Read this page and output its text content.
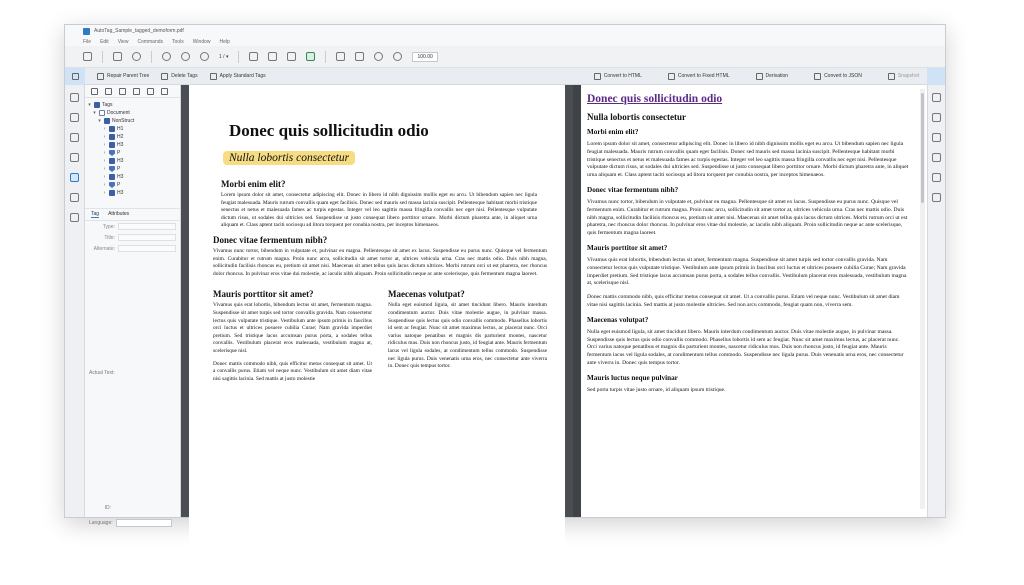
AutoTag_Sample_tagged_demoform.pdf
File Edit View Commands Tools Window Help
1 / ▾	100.00
Repair Parent Tree	Delete Tags	Apply Standard Tags	Convert to HTML	Convert to Fixed HTML	Derivation	Convert to JSON	Snapshot
▾ Tags
▾ Document
▾ NonStruct
›	H1
›	H2
›	H3
›	P
›	H3
›	P
›	H3
›	P
›	H3
Tag Attributes
Type:
Title:
Alternate:
Actual Text:
ID:
Language:
Donec quis sollicitudin odio
Nulla lobortis consectetur
Morbi enim elit?

Lorem ipsum dolor sit amet, consectetur adipiscing elit. Donec in libero id nibh dignissim mollis eget eu arcu. Ut bibendum sapien nec ligula feugiat malesuada. Mauris rutrum convallis quam eget facilisis. Donec sed mauris sed massa lacinia suscipit. Pellentesque habitant morbi tristique senectus et netus et malesuada fames ac turpis egestas. Integer vel leo sagittis massa fringilla convallis nec eget nisi. Pellentesque vulputate dictum risus, ut sodales dui ultricies sed. Suspendisse ut justo consequat libero porttitor ornare. Morbi dictum pharetra ante, in aliquet urna aliquam et. Class aptent taciti sociosqu ad litora torquent per conubia nostra, per inceptos himenaeos.

Donec vitae fermentum nibh?

Vivamus nunc tortor, bibendum in vulputate et, pulvinar eu magna. Pellentesque sit amet ex lacus. Suspendisse eu purus nunc. Quisque vel fermentum enim. Curabitur et rutrum magna. Proin nunc arcu, sollicitudin sit amet tortor at, ultrices vehicula urna. Cras nec mattis odio. Duis nibh magna, sollicitudin facilisis rhoncus eu, pretium sit amet nisi. Maecenas sit amet tellus quis lacus dictum ultrices. Morbi rutrum orci ut est pharetra, nec rhoncus dolor rhoncus. In pulvinar eros vitae dui molestie, ac iaculis nibh aliquam. Proin sollicitudin neque ac ante scelerisque, quis fermentum magna laoreet.

Mauris porttitor sit amet?

Vivamus quis erat lobortis, bibendum lectus sit amet, fermentum magna. Suspendisse sit amet turpis sed tortor convallis gravida. Nam consectetur lectus quis vulputate tristique. Vestibulum ante ipsum primis in faucibus orci luctus et ultrices posuere cubilia Curae; Nam gravida imperdiet pretium. Sed tristique lacus accumsan purus porta, a sodales tellus convallis. Vestibulum placerat eros malesuada, vestibulum magna at, scelerisque nisl.

Donec mattis commodo nibh, quis efficitur metus consequat sit amet. Ut a convallis purus. Etiam vel neque nunc. Vestibulum sit amet diam vitae nisi sagittis lacinia. Sed mattis at justo molestie

Maecenas volutpat?

Nulla eget euismod ligula, sit amet tincidunt libero. Mauris interdum condimentum auctor. Duis vitae molestie augue, in pulvinar massa. Suspendisse quis lectus quis odio convallis commodo. Phasellus lobortis id sem ac feugiat. Nunc sit amet maximus lectus, ac placerat nunc. Orci varius natoque penatibus et magnis dis parturient montes, nascetur ridiculus mus. Duis non rhoncus justo, id feugiat ante. Mauris fermentum lacus vel ligula sodales, at condimentum tellus commodo. Suspendisse nec ligula purus. Duis venenatis urna eros, nec consectetur ante viverra in. Donec quis tempus tortor.

Donec quis sollicitudin odio
Nulla lobortis consectetur
Morbi enim elit?

Lorem ipsum dolor sit amet, consectetur adipiscing elit. Donec in libero id nibh dignissim mollis eget eu arcu. Ut bibendum sapien nec ligula feugiat malesuada. Mauris rutrum convallis quam eget facilisis. Donec sed mauris sed massa lacinia suscipit. Pellentesque habitant morbi tristique senectus et netus et malesuada fames ac turpis egestas. Integer vel leo sagittis massa fringilla convallis nec eget nisi. Pellentesque vulputate dictum risus, ut sodales dui ultricies sed. Suspendisse ut justo consequat libero porttitor ornare. Morbi dictum pharetra ante, in aliquet urna aliquam et. Class aptent taciti sociosqu ad litora torquent per conubia nostra, per inceptos himenaeos.

Donec vitae fermentum nibh?

Vivamus nunc tortor, bibendum in vulputate et, pulvinar eu magna. Pellentesque sit amet ex lacus. Suspendisse eu purus nunc. Quisque vel fermentum enim. Curabitur et rutrum magna. Proin nunc arcu, sollicitudin sit amet tortor at, ultrices vehicula urna. Cras nec mattis odio. Duis nibh magna, sollicitudin facilisis rhoncus eu, pretium sit amet nisi. Maecenas sit amet tellus quis lacus dictum ultrices. Morbi rutrum orci ut est pharetra, nec rhoncus dolor rhoncus. In pulvinar eros vitae dui molestie, ac iaculis nibh aliquam. Proin sollicitudin neque ac ante scelerisque, quis fermentum magna laoreet.

Mauris porttitor sit amet?

Vivamus quis erat lobortis, bibendum lectus sit amet, fermentum magna. Suspendisse sit amet turpis sed tortor convallis gravida. Nam consectetur lectus quis vulputate tristique. Vestibulum ante ipsum primis in faucibus orci luctus et ultrices posuere cubilia Curae; Nam gravida imperdiet pretium. Sed tristique lacus accumsan purus porta, a sodales tellus convallis. Vestibulum placerat eros malesuada, vestibulum magna at, scelerisque nisl.

Donec mattis commodo nibh, quis efficitur metus consequat sit amet. Ut a convallis purus. Etiam vel neque nunc. Vestibulum sit amet diam vitae nisi sagittis lacinia. Sed mattis at justo molestie ultricies. Sed non arcu commodo, feugiat quam non, viverra sem.

Maecenas volutpat?

Nulla eget euismod ligula, sit amet tincidunt libero. Mauris interdum condimentum auctor. Duis vitae molestie augue, in pulvinar massa. Suspendisse quis lectus quis odio convallis commodo. Phasellus lobortis id sem ac feugiat. Nunc sit amet maximus lectus, ac placerat nunc. Orci varius natoque penatibus et magnis dis parturient montes, nascetur ridiculus mus. Duis non rhoncus justo, id feugiat ante. Mauris fermentum lacus vel ligula sodales, at condimentum tellus commodo. Suspendisse nec ligula purus. Duis venenatis urna eros, nec consectetur ante viverra in. Donec quis tempus tortor.

Mauris luctus neque pulvinar

Sed porta turpis vitae justo ornare, id aliquam ipsum tristique.
